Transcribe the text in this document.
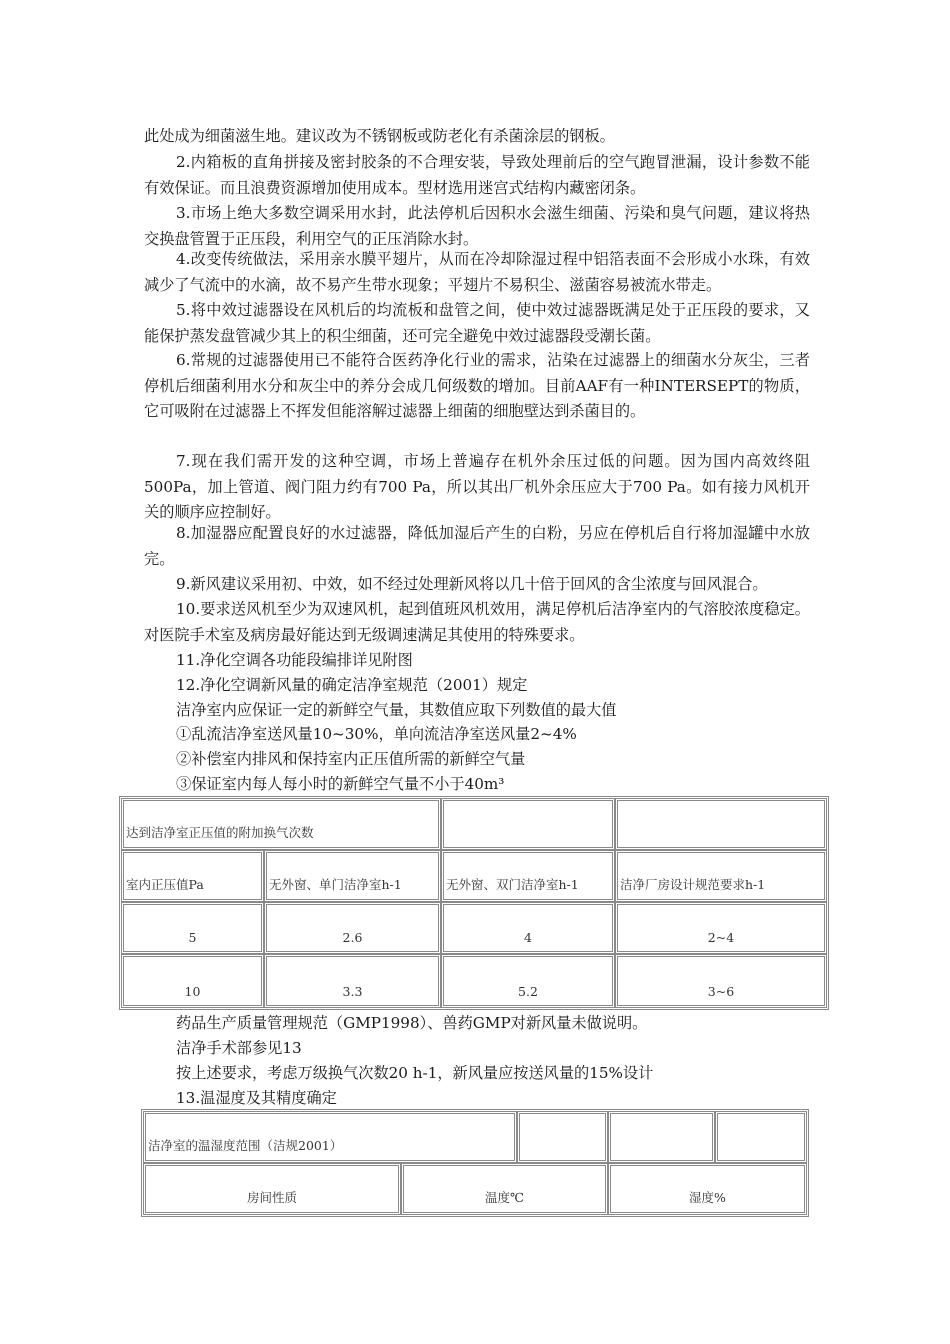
此处成为细菌滋生地。建议改为不锈钢板或防老化有杀菌涂层的钢板。

2.内箱板的直角拼接及密封胶条的不合理安装，导致处理前后的空气跑冒泄漏，设计参数不能有效保证。而且浪费资源增加使用成本。型材选用迷宫式结构内藏密闭条。

3.市场上绝大多数空调采用水封，此法停机后因积水会滋生细菌、污染和臭气问题，建议将热交换盘管置于正压段，利用空气的正压消除水封。

4.改变传统做法，采用亲水膜平翅片，从而在冷却除湿过程中铝箔表面不会形成小水珠，有效减少了气流中的水滴，故不易产生带水现象；平翅片不易积尘、滋菌容易被流水带走。

5.将中效过滤器设在风机后的均流板和盘管之间，使中效过滤器既满足处于正压段的要求，又能保护蒸发盘管减少其上的积尘细菌，还可完全避免中效过滤器段受潮长菌。

6.常规的过滤器使用已不能符合医药净化行业的需求，沾染在过滤器上的细菌水分灰尘，三者停机后细菌利用水分和灰尘中的养分会成几何级数的增加。目前AAF有一种INTERSEPT的物质，它可吸附在过滤器上不挥发但能溶解过滤器上细菌的细胞壁达到杀菌目的。

7.现在我们需开发的这种空调，市场上普遍存在机外余压过低的问题。因为国内高效终阻500Pa，加上管道、阀门阻力约有700 Pa，所以其出厂机外余压应大于700 Pa。如有接力风机开关的顺序应控制好。

8.加湿器应配置良好的水过滤器，降低加湿后产生的白粉，另应在停机后自行将加湿罐中水放完。

9.新风建议采用初、中效，如不经过处理新风将以几十倍于回风的含尘浓度与回风混合。

10.要求送风机至少为双速风机，起到值班风机效用，满足停机后洁净室内的气溶胶浓度稳定。对医院手术室及病房最好能达到无级调速满足其使用的特殊要求。

11.净化空调各功能段编排详见附图
12.净化空调新风量的确定洁净室规范（2001）规定
洁净室内应保证一定的新鲜空气量，其数值应取下列数值的最大值
①乱流洁净室送风量10~30%，单向流洁净室送风量2~4%
②补偿室内排风和保持室内正压值所需的新鲜空气量
③保证室内每人每小时的新鲜空气量不小于40m³
达到洁净室正压值的附加换气次数
室内正压值Pa	无外窗、单门洁净室h-1	无外窗、双门洁净室h-1	洁净厂房设计规范要求h-1
5	2.6	4	2~4
10	3.3	5.2	3~6
药品生产质量管理规范（GMP1998）、兽药GMP对新风量未做说明。
洁净手术部参见13
按上述要求，考虑万级换气次数20 h-1，新风量应按送风量的15%设计
13.温湿度及其精度确定
洁净室的温湿度范围（洁规2001）
房间性质	温度℃	湿度%
